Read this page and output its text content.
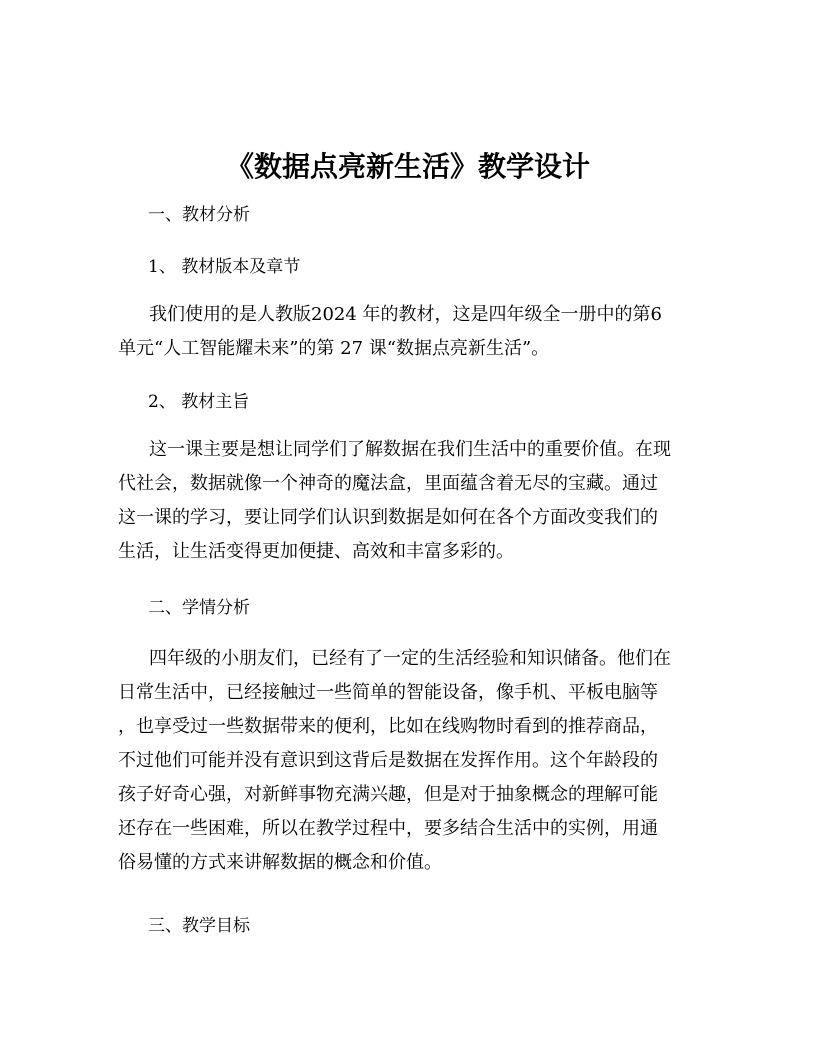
《数据点亮新生活》教学设计
一、教材分析
1、 教材版本及章节
我们使用的是人教版2024 年的教材，这是四年级全一册中的第6
单元“人工智能耀未来”的第 27 课“数据点亮新生活”。
2、 教材主旨
这一课主要是想让同学们了解数据在我们生活中的重要价值。在现
代社会，数据就像一个神奇的魔法盒，里面蕴含着无尽的宝藏。通过
这一课的学习，要让同学们认识到数据是如何在各个方面改变我们的
生活，让生活变得更加便捷、高效和丰富多彩的。
二、学情分析
四年级的小朋友们，已经有了一定的生活经验和知识储备。他们在
日常生活中，已经接触过一些简单的智能设备，像手机、平板电脑等
，也享受过一些数据带来的便利，比如在线购物时看到的推荐商品，
不过他们可能并没有意识到这背后是数据在发挥作用。这个年龄段的
孩子好奇心强，对新鲜事物充满兴趣，但是对于抽象概念的理解可能
还存在一些困难，所以在教学过程中，要多结合生活中的实例，用通
俗易懂的方式来讲解数据的概念和价值。
三、教学目标
